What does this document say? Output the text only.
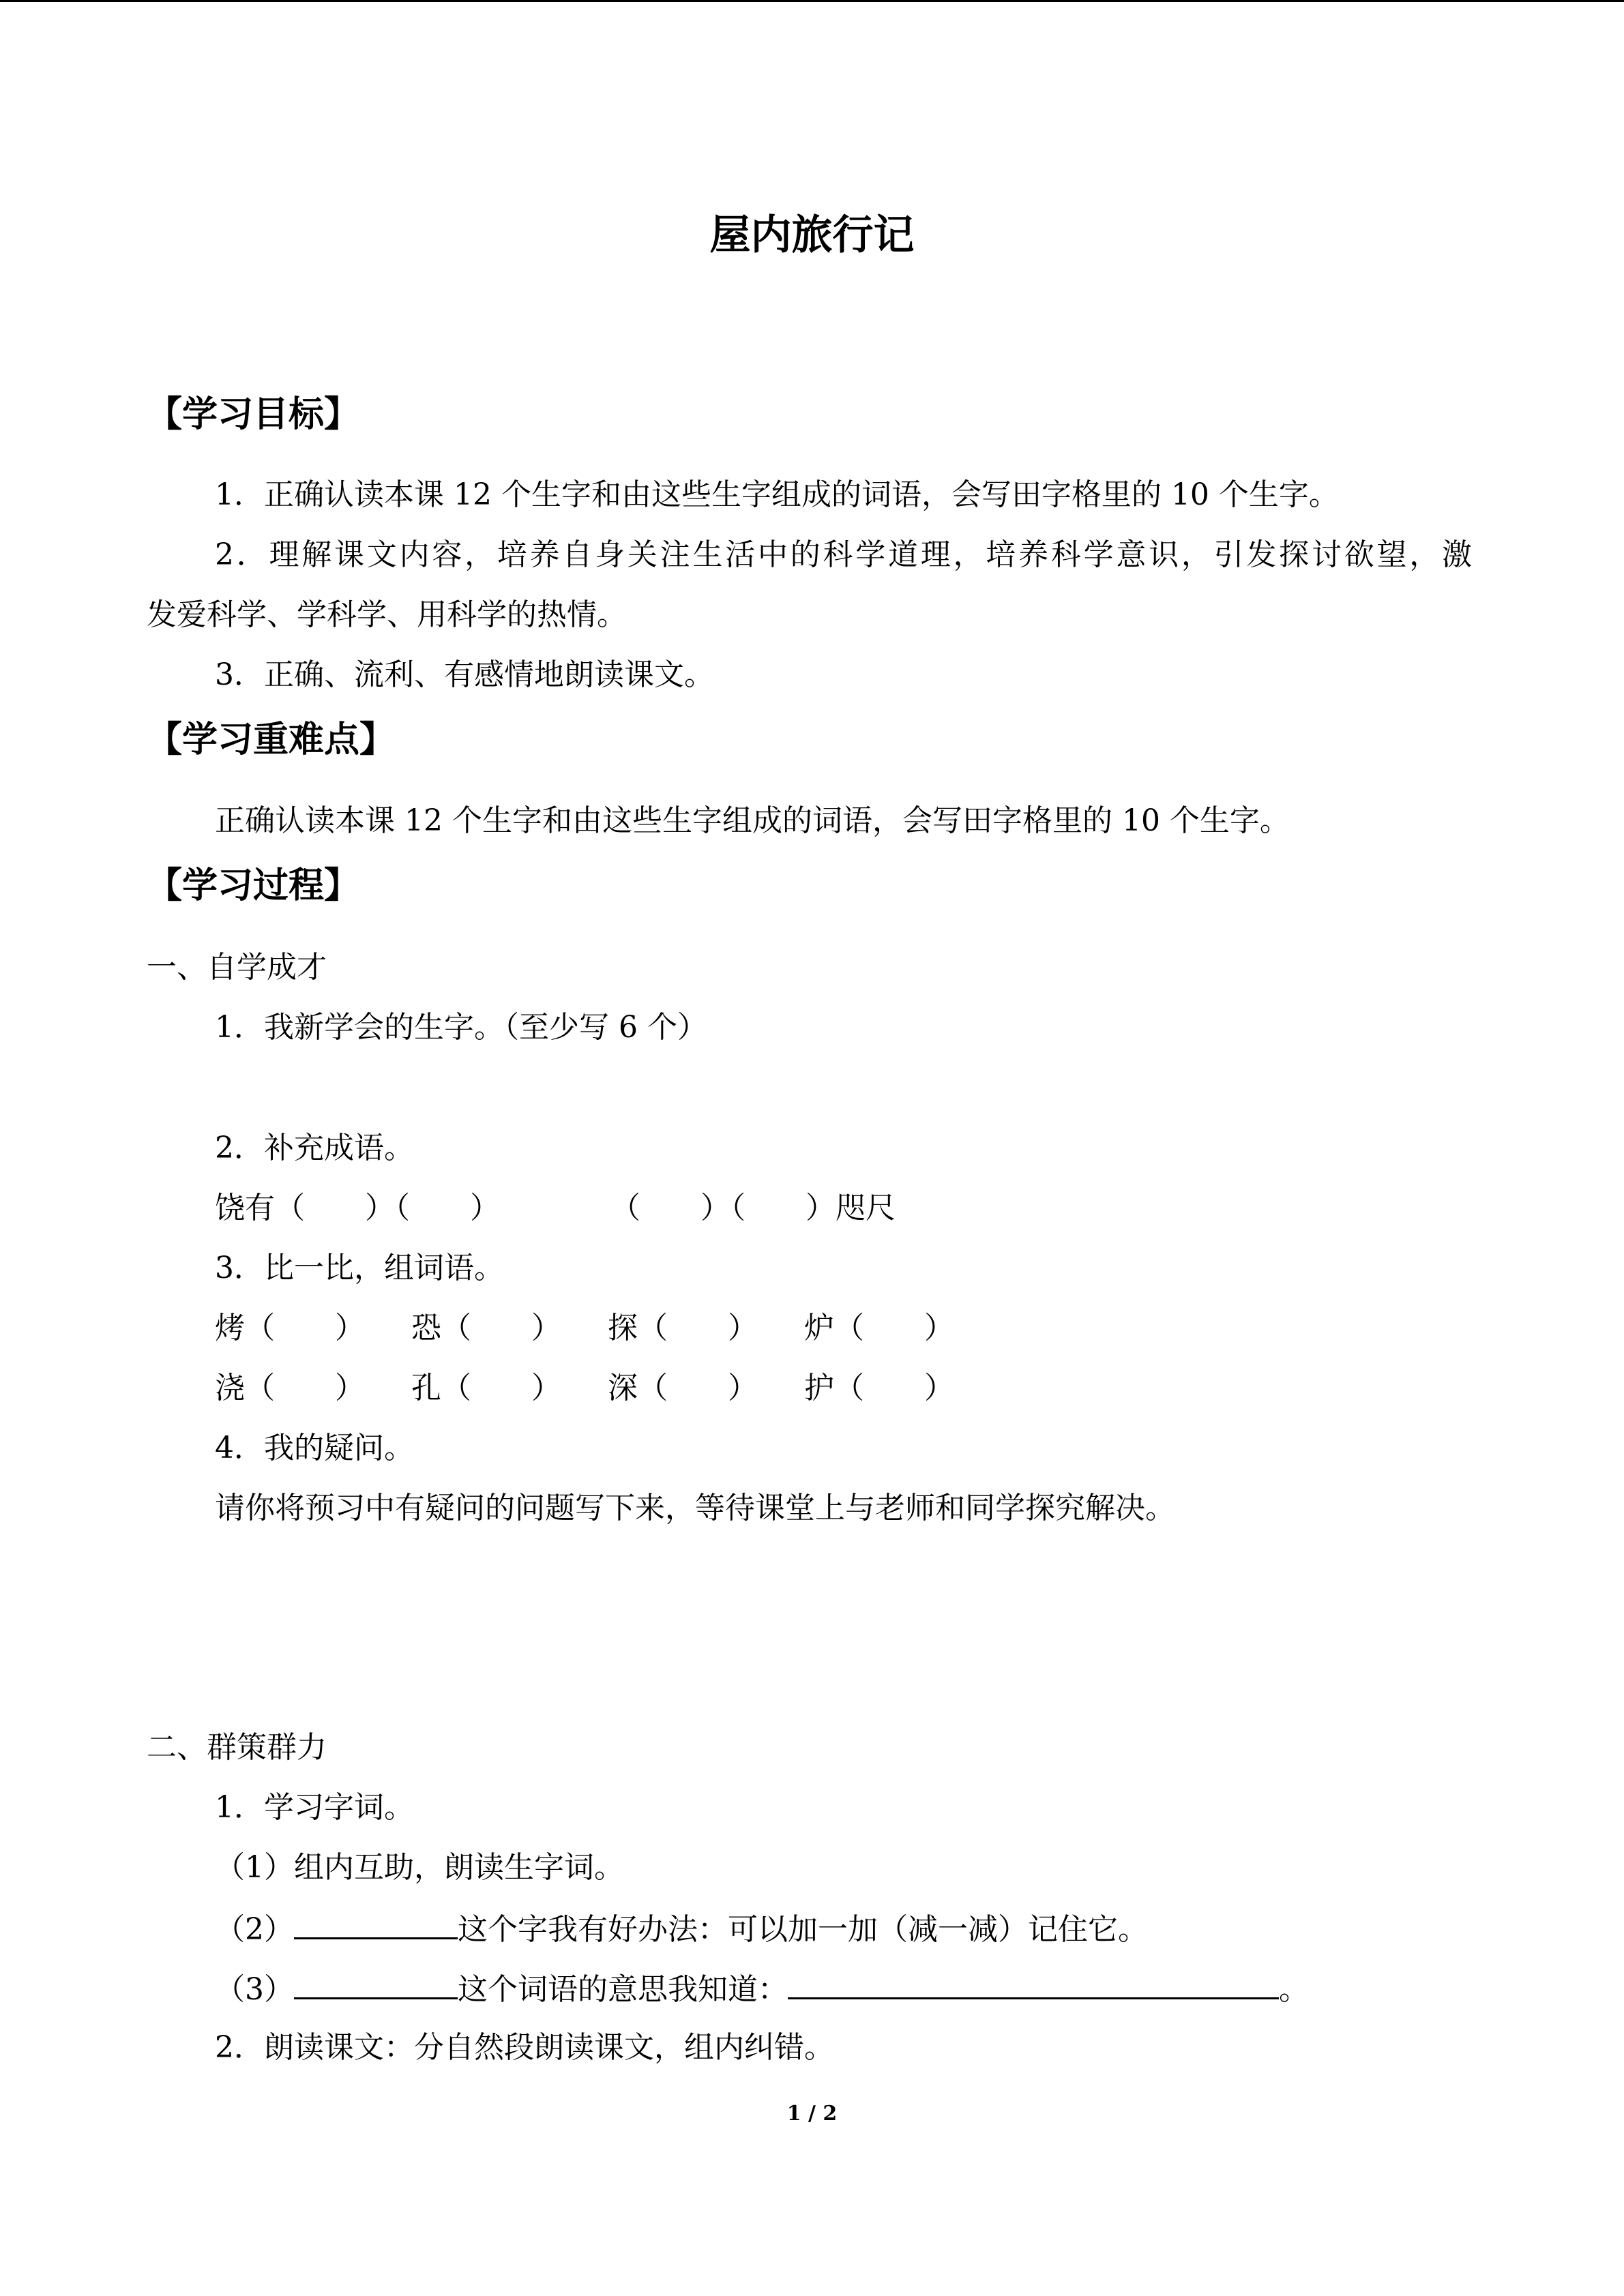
屋内旅行记
【学习目标】
1．正确认读本课 12 个生字和由这些生字组成的词语，会写田字格里的 10 个生字。
2．理解课文内容，培养自身关注生活中的科学道理，培养科学意识，引发探讨欲望，激
发爱科学、学科学、用科学的热情。
3．正确、流利、有感情地朗读课文。
【学习重难点】
正确认读本课 12 个生字和由这些生字组成的词语，会写田字格里的 10 个生字。
【学习过程】
一、自学成才
1．我新学会的生字。（至少写 6 个）
2．补充成语。
饶有（　　）（　　）	（　　）（　　）咫尺
3．比一比，组词语。
烤（　　） 恐（　　） 探（　　） 炉（　　）
浇（　　） 孔（　　） 深（　　） 护（　　）
4．我的疑问。
请你将预习中有疑问的问题写下来，等待课堂上与老师和同学探究解决。
二、群策群力
1．学习字词。
（1）组内互助，朗读生字词。
（2）	这个字我有好办法：可以加一加（减一减）记住它。
（3）	这个词语的意思我知道：	。
2．朗读课文：分自然段朗读课文，组内纠错。
1 / 2
